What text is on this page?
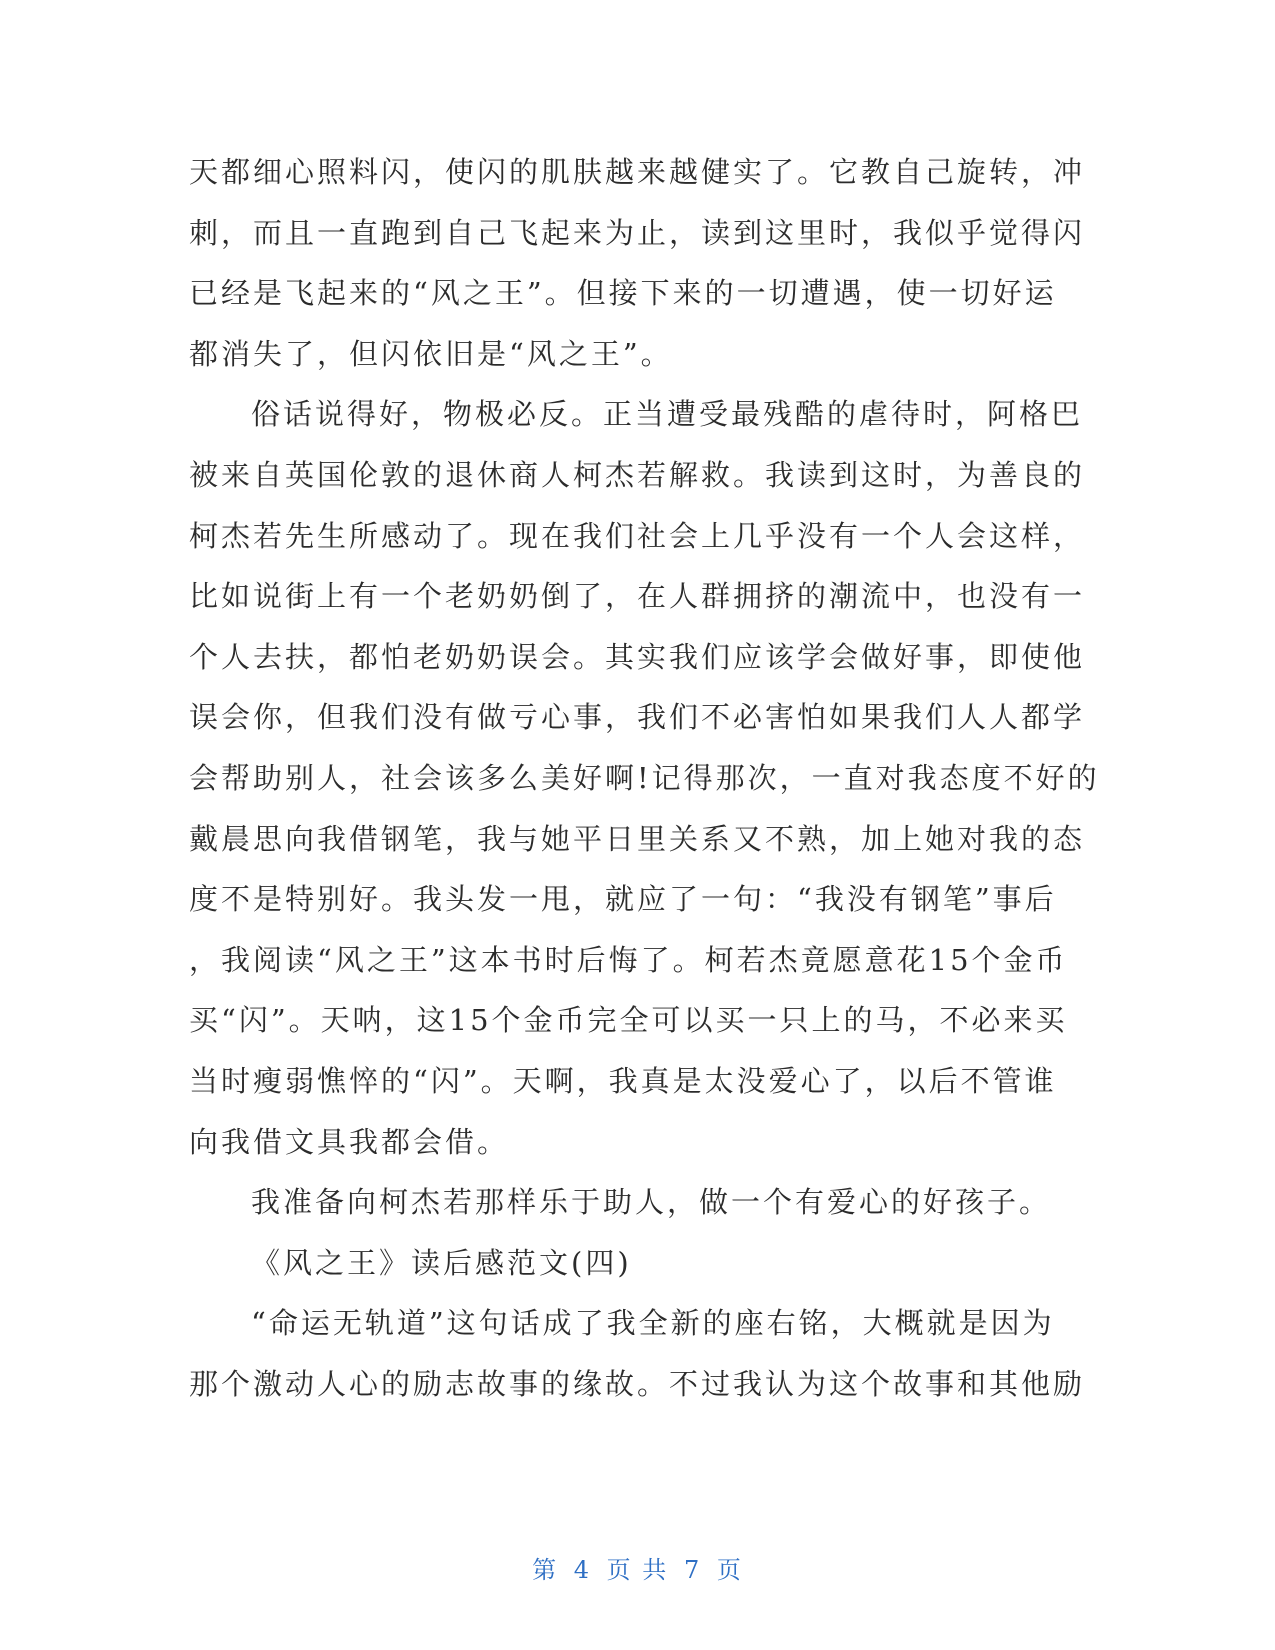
天都细心照料闪，使闪的肌肤越来越健实了。它教自己旋转，冲
刺，而且一直跑到自己飞起来为止，读到这里时，我似乎觉得闪
已经是飞起来的“风之王”。但接下来的一切遭遇，使一切好运
都消失了，但闪依旧是“风之王”。
俗话说得好，物极必反。正当遭受最残酷的虐待时，阿格巴
被来自英国伦敦的退休商人柯杰若解救。我读到这时，为善良的
柯杰若先生所感动了。现在我们社会上几乎没有一个人会这样，
比如说街上有一个老奶奶倒了，在人群拥挤的潮流中，也没有一
个人去扶，都怕老奶奶误会。其实我们应该学会做好事，即使他
误会你，但我们没有做亏心事，我们不必害怕如果我们人人都学
会帮助别人，社会该多么美好啊!记得那次，一直对我态度不好的
戴晨思向我借钢笔，我与她平日里关系又不熟，加上她对我的态
度不是特别好。我头发一甩，就应了一句：“我没有钢笔”事后
，我阅读“风之王”这本书时后悔了。柯若杰竟愿意花15个金币
买“闪”。天呐，这15个金币完全可以买一只上的马，不必来买
当时瘦弱憔悴的“闪”。天啊，我真是太没爱心了，以后不管谁
向我借文具我都会借。
我准备向柯杰若那样乐于助人，做一个有爱心的好孩子。
《风之王》读后感范文(四)
“命运无轨道”这句话成了我全新的座右铭，大概就是因为
那个激动人心的励志故事的缘故。不过我认为这个故事和其他励
第 4 页 共 7 页
